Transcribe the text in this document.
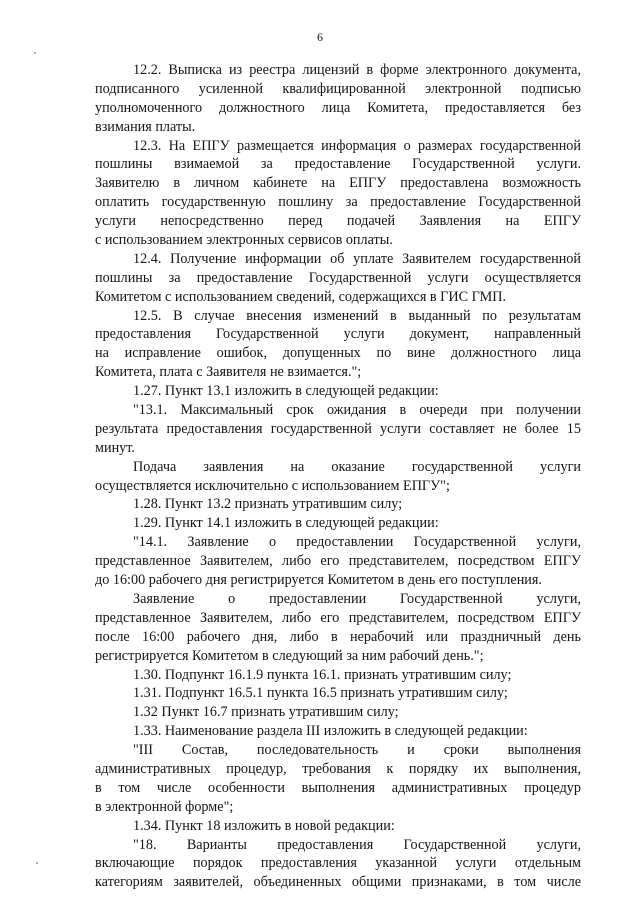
6
12.2. Выписка из реестра лицензий в форме электронного документа,
подписанного усиленной квалифицированной электронной подписью
уполномоченного должностного лица Комитета, предоставляется без
взимания платы.
12.3. На ЕПГУ размещается информация о размерах государственной
пошлины взимаемой за предоставление Государственной услуги.
Заявителю в личном кабинете на ЕПГУ предоставлена возможность
оплатить государственную пошлину за предоставление Государственной
услуги непосредственно перед подачей Заявления на ЕПГУ
с использованием электронных сервисов оплаты.
12.4. Получение информации об уплате Заявителем государственной
пошлины за предоставление Государственной услуги осуществляется
Комитетом с использованием сведений, содержащихся в ГИС ГМП.
12.5. В случае внесения изменений в выданный по результатам
предоставления Государственной услуги документ, направленный
на исправление ошибок, допущенных по вине должностного лица
Комитета, плата с Заявителя не взимается.";
1.27. Пункт 13.1 изложить в следующей редакции:
"13.1. Максимальный срок ожидания в очереди при получении
результата предоставления государственной услуги составляет не более 15
минут.
Подача заявления на оказание государственной услуги
осуществляется исключительно с использованием ЕПГУ";
1.28. Пункт 13.2 признать утратившим силу;
1.29. Пункт 14.1 изложить в следующей редакции:
"14.1. Заявление о предоставлении Государственной услуги,
представленное Заявителем, либо его представителем, посредством ЕПГУ
до 16:00 рабочего дня регистрируется Комитетом в день его поступления.
Заявление о предоставлении Государственной услуги,
представленное Заявителем, либо его представителем, посредством ЕПГУ
после 16:00 рабочего дня, либо в нерабочий или праздничный день
регистрируется Комитетом в следующий за ним рабочий день.";
1.30. Подпункт 16.1.9 пункта 16.1. признать утратившим силу;
1.31. Подпункт 16.5.1 пункта 16.5 признать утратившим силу;
1.32 Пункт 16.7 признать утратившим силу;
1.33. Наименование раздела III изложить в следующей редакции:
"III Состав, последовательность и сроки выполнения
административных процедур, требования к порядку их выполнения,
в том числе особенности выполнения административных процедур
в электронной форме";
1.34. Пункт 18 изложить в новой редакции:
"18. Варианты предоставления Государственной услуги,
включающие порядок предоставления указанной услуги отдельным
категориям заявителей, объединенных общими признаками, в том числе
